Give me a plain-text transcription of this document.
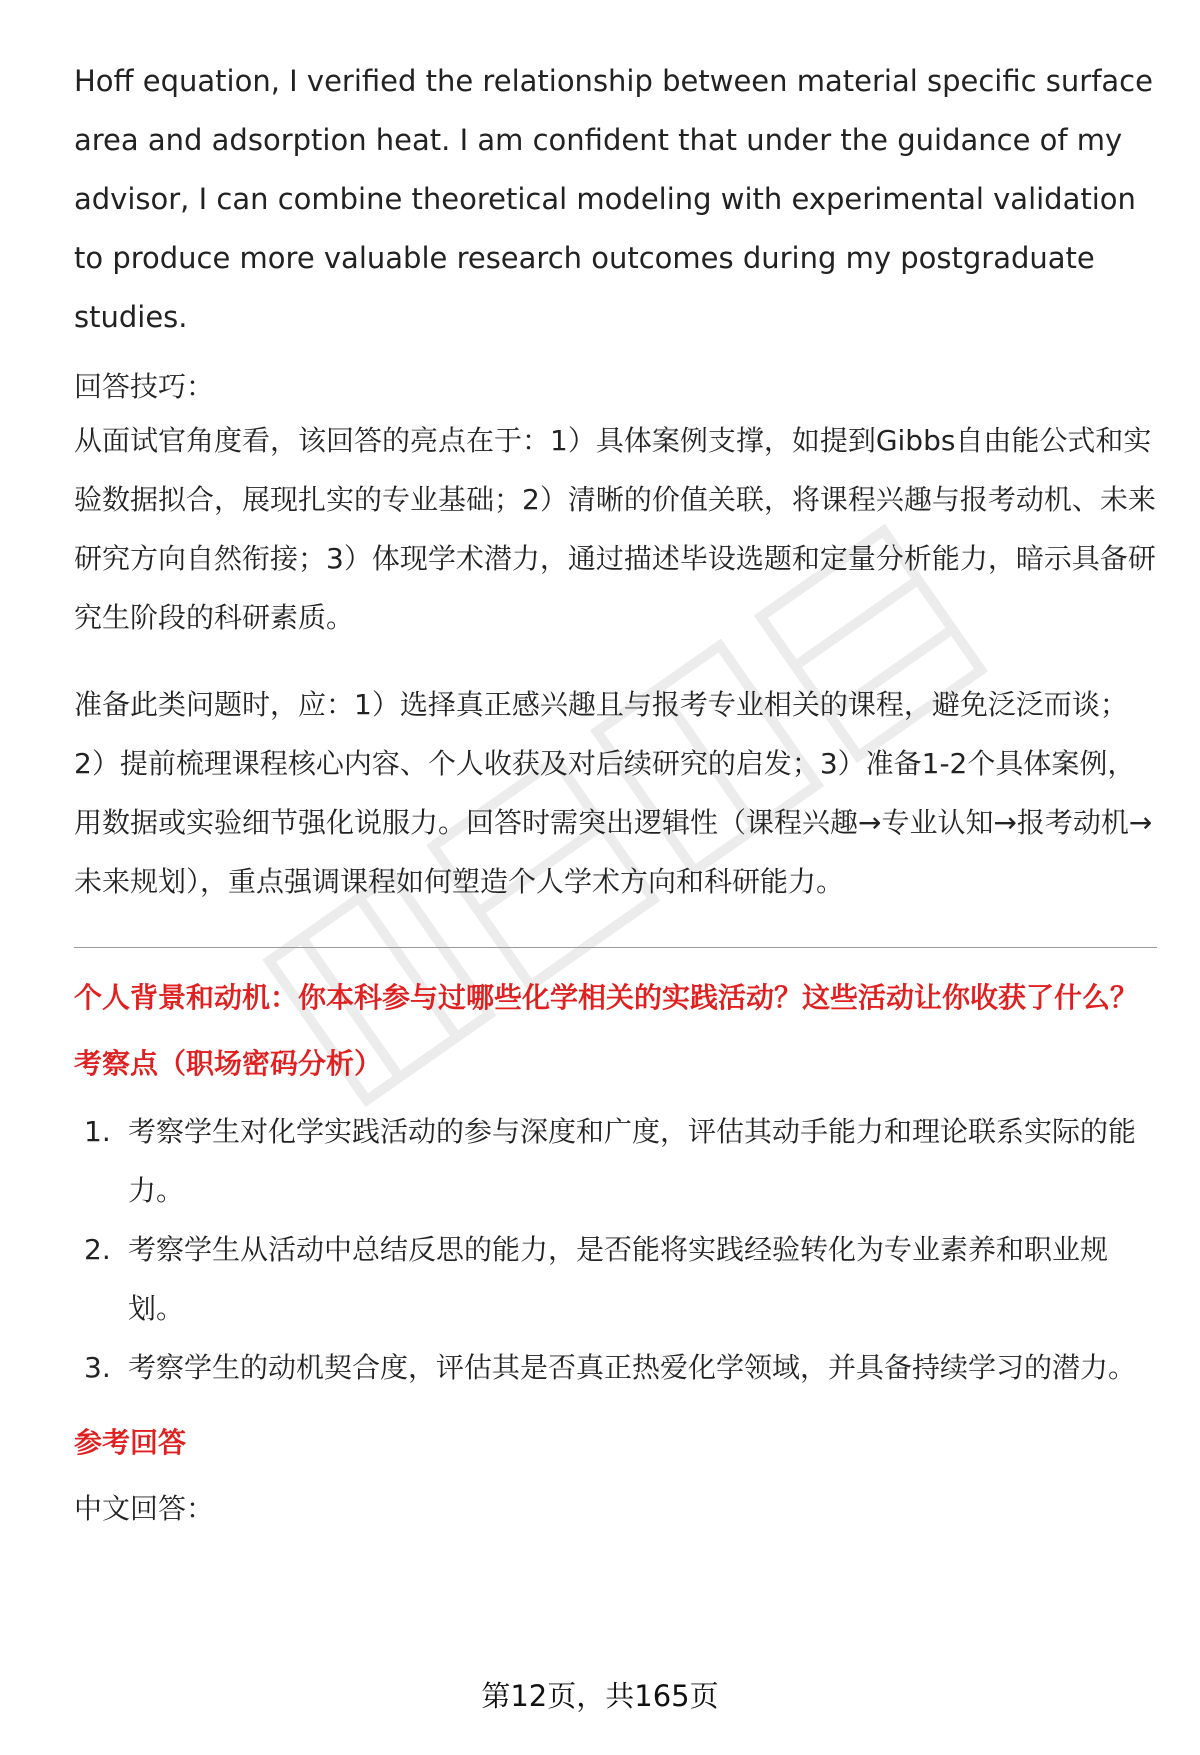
Hoff equation, I verified the relationship between material specific surface area and adsorption heat. I am confident that under the guidance of my advisor, I can combine theoretical modeling with experimental validation to produce more valuable research outcomes during my postgraduate studies.

回答技巧：

从面试官角度看，该回答的亮点在于：1）具体案例支撑，如提到Gibbs自由能公式和实验数据拟合，展现扎实的专业基础；2）清晰的价值关联，将课程兴趣与报考动机、未来研究方向自然衔接；3）体现学术潜力，通过描述毕设选题和定量分析能力，暗示具备研究生阶段的科研素质。

准备此类问题时，应：1）选择真正感兴趣且与报考专业相关的课程，避免泛泛而谈；2）提前梳理课程核心内容、个人收获及对后续研究的启发；3）准备1-2个具体案例，用数据或实验细节强化说服力。回答时需突出逻辑性（课程兴趣→专业认知→报考动机→未来规划），重点强调课程如何塑造个人学术方向和科研能力。

个人背景和动机：你本科参与过哪些化学相关的实践活动？这些活动让你收获了什么？

考察点（职场密码分析）

1. 考察学生对化学实践活动的参与深度和广度，评估其动手能力和理论联系实际的能力。
2. 考察学生从活动中总结反思的能力，是否能将实践经验转化为专业素养和职业规划。
3. 考察学生的动机契合度，评估其是否真正热爱化学领域，并具备持续学习的潜力。

参考回答

中文回答：

第12页，共165页
